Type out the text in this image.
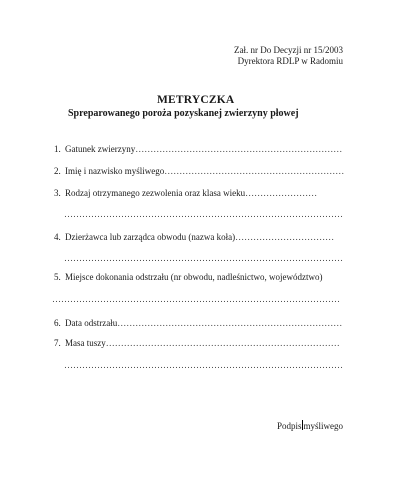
Zał. nr Do Decyzji nr 15/2003
Dyrektora RDLP w Radomiu
METRYCZKA
Spreparowanego poroża pozyskanej zwierzyny płowej
1. Gatunek zwierzyny……………………………………………………………
2. Imię i nazwisko myśliwego……………………………………………………
3. Rodzaj otrzymanego zezwolenia oraz klasa wieku……………………
…………………………………………………………………………………
4. Dzierżawca lub zarządca obwodu (nazwa koła)……………………………
…………………………………………………………………………………
5. Miejsce dokonania odstrzału (nr obwodu, nadleśnictwo, województwo)
……………………………………………………………………………………
6. Data odstrzału…………………………………………………………………
7. Masa tuszy……………………………………………………………………
…………………………………………………………………………………
Podpis myśliwego
